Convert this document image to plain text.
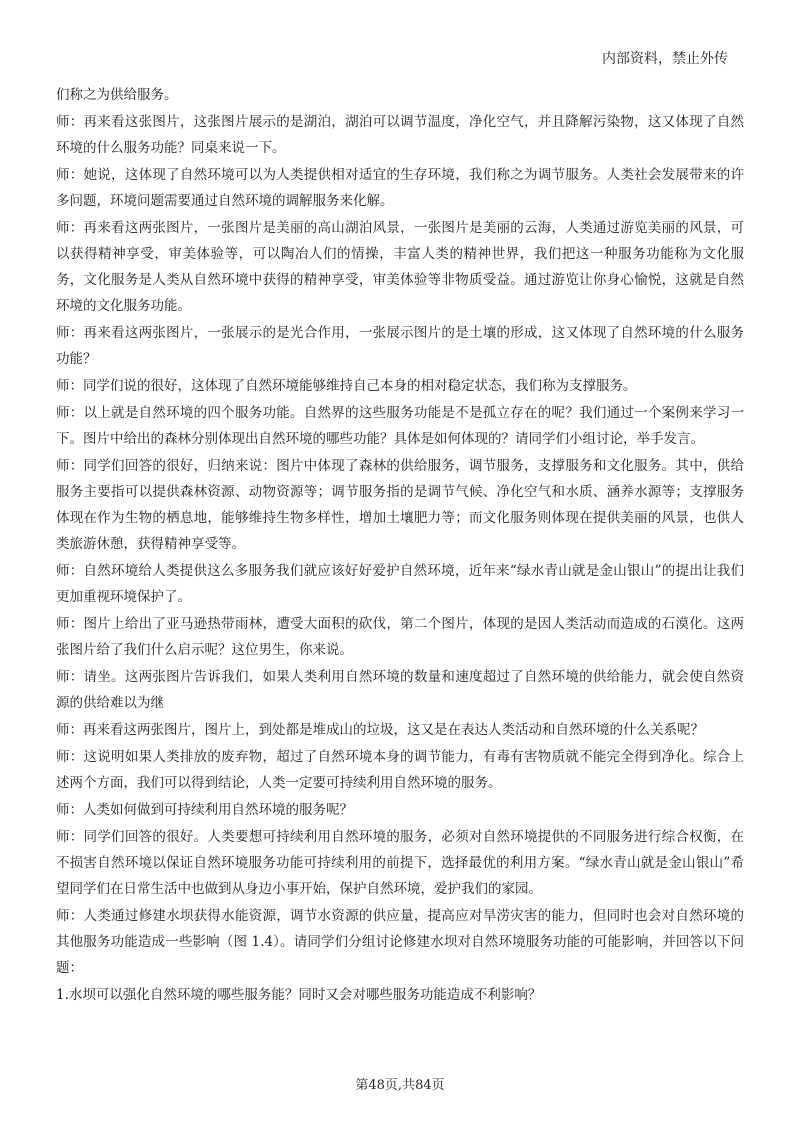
内部资料，禁止外传

们称之为供给服务。

师：再来看这张图片，这张图片展示的是湖泊，湖泊可以调节温度，净化空气，并且降解污染物，这又体现了自然环境的什么服务功能？同桌来说一下。

师：她说，这体现了自然环境可以为人类提供相对适宜的生存环境，我们称之为调节服务。人类社会发展带来的许多问题，环境问题需要通过自然环境的调解服务来化解。

师：再来看这两张图片，一张图片是美丽的高山湖泊风景，一张图片是美丽的云海，人类通过游览美丽的风景，可以获得精神享受，审美体验等，可以陶冶人们的情操，丰富人类的精神世界，我们把这一种服务功能称为文化服务，文化服务是人类从自然环境中获得的精神享受，审美体验等非物质受益。通过游览让你身心愉悦，这就是自然环境的文化服务功能。

师：再来看这两张图片，一张展示的是光合作用，一张展示图片的是土壤的形成，这又体现了自然环境的什么服务功能？

师：同学们说的很好，这体现了自然环境能够维持自己本身的相对稳定状态，我们称为支撑服务。

师：以上就是自然环境的四个服务功能。自然界的这些服务功能是不是孤立存在的呢？我们通过一个案例来学习一下。图片中给出的森林分别体现出自然环境的哪些功能？具体是如何体现的？请同学们小组讨论，举手发言。

师：同学们回答的很好，归纳来说：图片中体现了森林的供给服务，调节服务，支撑服务和文化服务。其中，供给服务主要指可以提供森林资源、动物资源等；调节服务指的是调节气候、净化空气和水质、涵养水源等；支撑服务体现在作为生物的栖息地，能够维持生物多样性，增加土壤肥力等；而文化服务则体现在提供美丽的风景，也供人类旅游休憩，获得精神享受等。

师：自然环境给人类提供这么多服务我们就应该好好爱护自然环境，近年来“绿水青山就是金山银山”的提出让我们更加重视环境保护了。

师：图片上给出了亚马逊热带雨林，遭受大面积的砍伐，第二个图片，体现的是因人类活动而造成的石漠化。这两张图片给了我们什么启示呢？这位男生，你来说。

师：请坐。这两张图片告诉我们，如果人类利用自然环境的数量和速度超过了自然环境的供给能力，就会使自然资源的供给难以为继

师：再来看这两张图片，图片上，到处都是堆成山的垃圾，这又是在表达人类活动和自然环境的什么关系呢？

师：这说明如果人类排放的废弃物，超过了自然环境本身的调节能力，有毒有害物质就不能完全得到净化。综合上述两个方面，我们可以得到结论，人类一定要可持续利用自然环境的服务。

师：人类如何做到可持续利用自然环境的服务呢？

师：同学们回答的很好。人类要想可持续利用自然环境的服务，必须对自然环境提供的不同服务进行综合权衡，在不损害自然环境以保证自然环境服务功能可持续利用的前提下，选择最优的利用方案。“绿水青山就是金山银山”希望同学们在日常生活中也做到从身边小事开始，保护自然环境，爱护我们的家园。

师：人类通过修建水坝获得水能资源，调节水资源的供应量，提高应对旱涝灾害的能力，但同时也会对自然环境的其他服务功能造成一些影响（图 1.4）。请同学们分组讨论修建水坝对自然环境服务功能的可能影响，并回答以下问题：

1.水坝可以强化自然环境的哪些服务能？同时又会对哪些服务功能造成不利影响？

第48页,共84页
